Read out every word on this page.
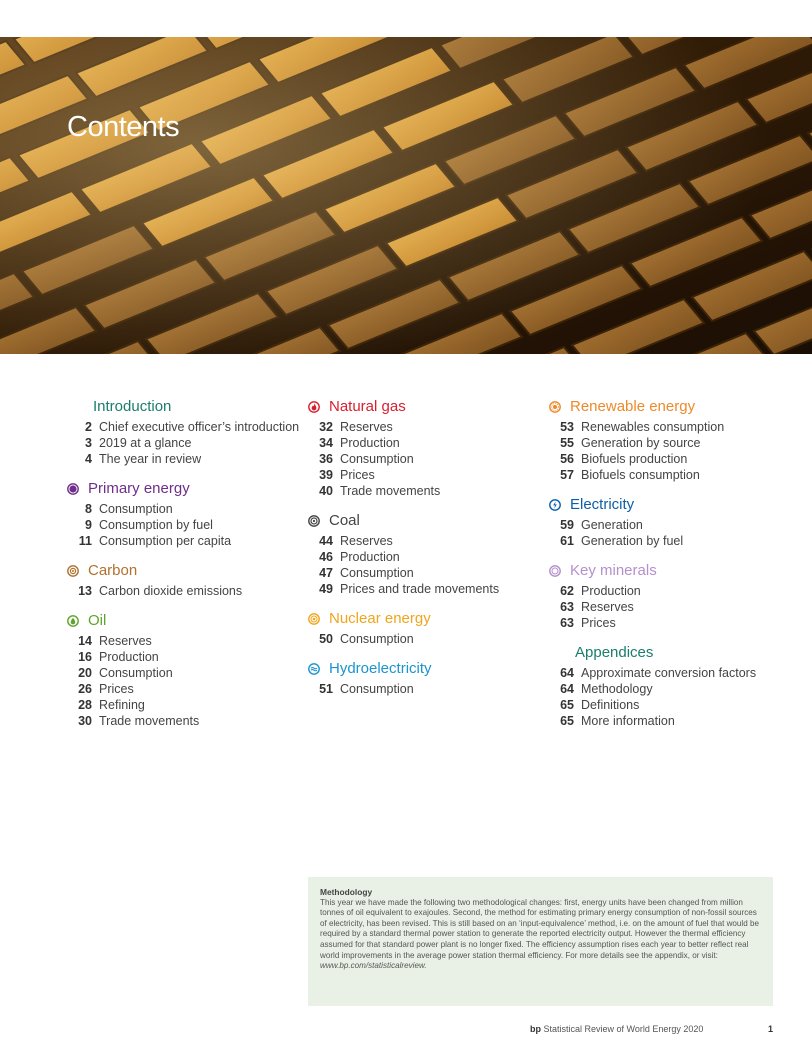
Contents
Introduction
2 Chief executive officer’s introduction
3 2019 at a glance
4 The year in review
Primary energy
8 Consumption
9 Consumption by fuel
11 Consumption per capita
Carbon
13 Carbon dioxide emissions
Oil
14 Reserves
16 Production
20 Consumption
26 Prices
28 Refining
30 Trade movements
Natural gas
32 Reserves
34 Production
36 Consumption
39 Prices
40 Trade movements
Coal
44 Reserves
46 Production
47 Consumption
49 Prices and trade movements
Nuclear energy
50 Consumption
Hydroelectricity
51 Consumption
Renewable energy
53 Renewables consumption
55 Generation by source
56 Biofuels production
57 Biofuels consumption
Electricity
59 Generation
61 Generation by fuel
Key minerals
62 Production
63 Reserves
63 Prices
Appendices
64 Approximate conversion factors
64 Methodology
65 Definitions
65 More information
Methodology
This year we have made the following two methodological changes: first, energy units have been changed from million tonnes of oil equivalent to exajoules. Second, the method for estimating primary energy consumption of non-fossil sources of electricity, has been revised. This is still based on an ‘input-equivalence’ method, i.e. on the amount of fuel that would be required by a standard thermal power station to generate the reported electricity output. However the thermal efficiency assumed for that standard power plant is no longer fixed. The efficiency assumption rises each year to better reflect real world improvements in the average power station thermal efficiency. For more details see the appendix, or visit: www.bp.com/statisticalreview.
bp Statistical Review of World Energy 2020	1
